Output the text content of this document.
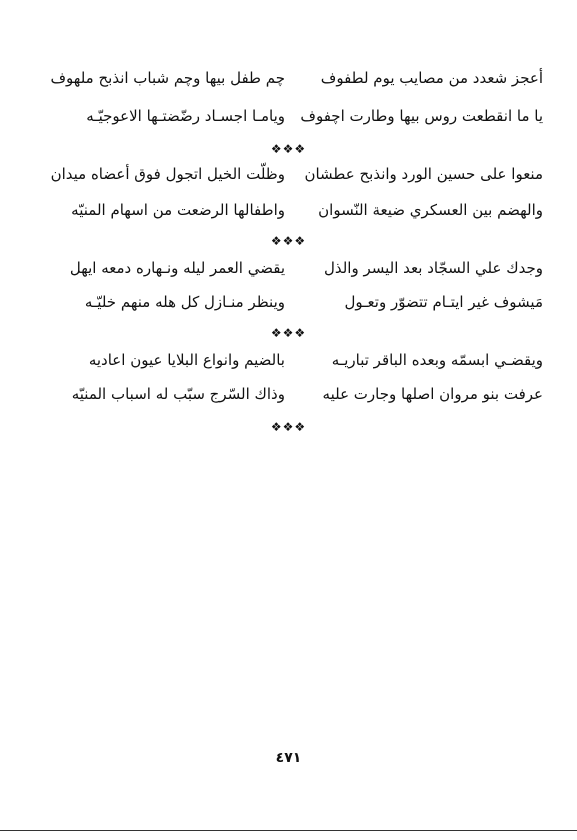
أعجز شعدد من مصايب يوم لطفوف
چم طفل بيها وچم شباب انذبح ملهوف
يا ما انقطعت روس بيها وطارت اچفوف
ويامـا اجسـاد رضّضتـها الاعوجيّـه
❖❖❖
منعوا على حسين الورد وانذبح عطشان
وظلّت الخيل اتجول فوق أعضاه ميدان
والهضم بين العسكري ضيعة النّسوان
واطفالها الرضعت من اسهام المنيّه
❖❖❖
وجدك علي السجّاد بعد اليسر والذل
يقضي العمر ليله ونـهاره دمعه ايهل
مَيشوف غير ايتـام تتضوّر وتعـول
وينظر منـازل كل هله منهم خليّـه
❖❖❖
ويقضـي ابسمّه وبعده الباقر تباريـه
بالضيم وانواع البلايا عيون اعاديه
عرفت بنو مروان اصلها وجارت عليه
وذاك السّرج سبّب له اسباب المنيّه
❖❖❖
٤٧١
